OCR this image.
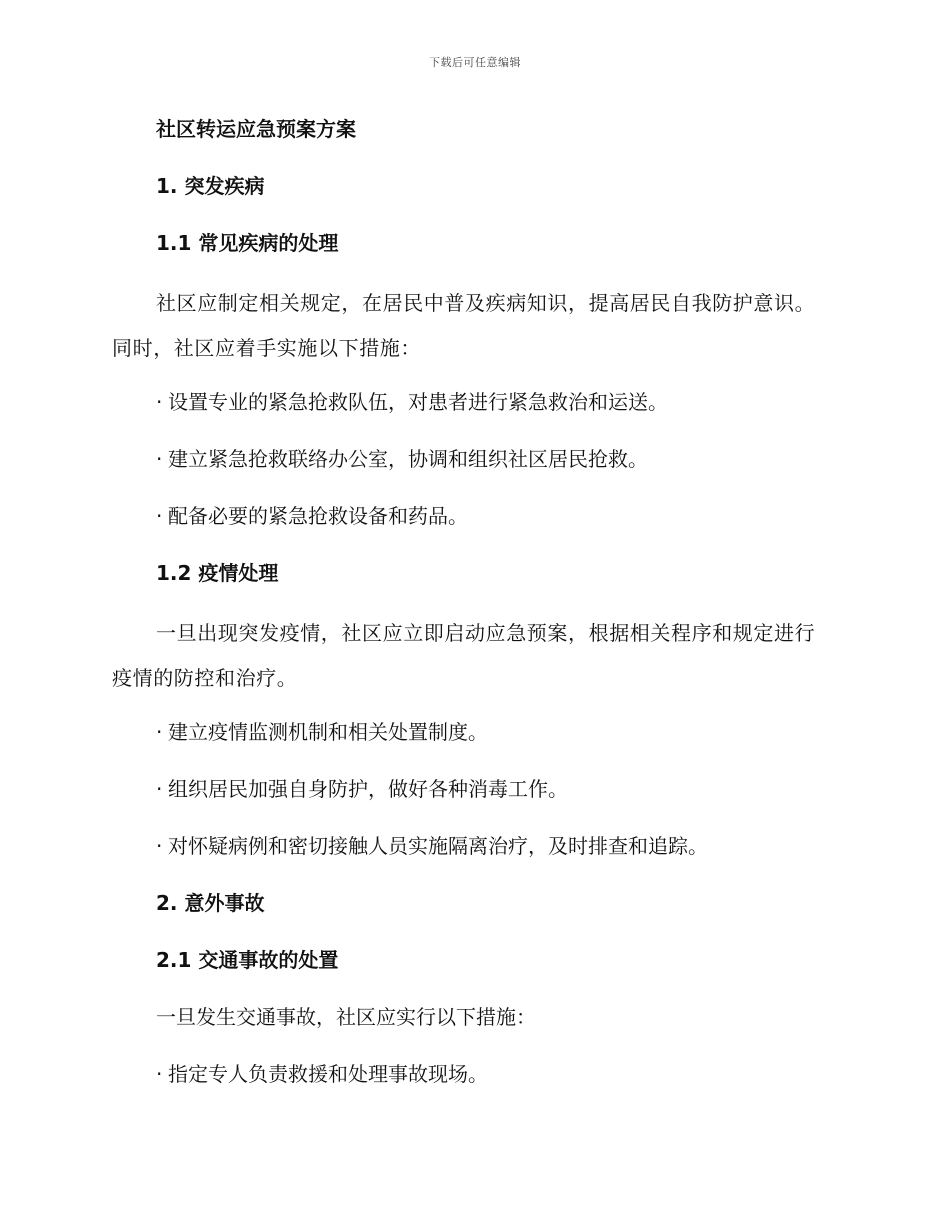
下载后可任意编辑
社区转运应急预案方案
1. 突发疾病
1.1 常见疾病的处理
社区应制定相关规定，在居民中普及疾病知识，提高居民自我防护意识。同时，社区应着手实施以下措施：
· 设置专业的紧急抢救队伍，对患者进行紧急救治和运送。
· 建立紧急抢救联络办公室，协调和组织社区居民抢救。
· 配备必要的紧急抢救设备和药品。
1.2 疫情处理
一旦出现突发疫情，社区应立即启动应急预案，根据相关程序和规定进行疫情的防控和治疗。
· 建立疫情监测机制和相关处置制度。
· 组织居民加强自身防护，做好各种消毒工作。
· 对怀疑病例和密切接触人员实施隔离治疗，及时排查和追踪。
2. 意外事故
2.1 交通事故的处置
一旦发生交通事故，社区应实行以下措施：
· 指定专人负责救援和处理事故现场。
